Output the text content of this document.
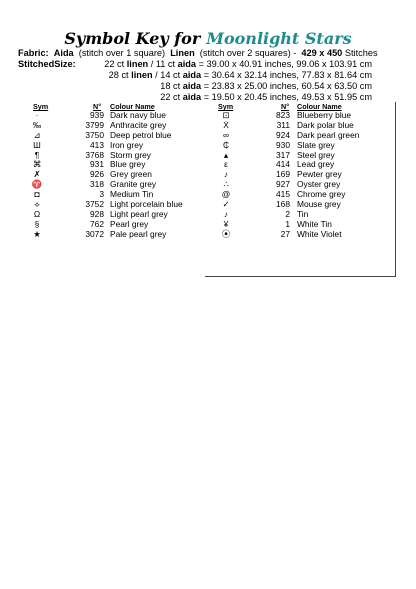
Symbol Key for Moonlight Stars
Fabric: Aida (stitch over 1 square) Linen (stitch over 2 squares) - 429 x 450 Stitches
StitchedSize:	22 ct linen / 11 ct aida = 39.00 x 40.91 inches, 99.06 x 103.91 cm
28 ct linen / 14 ct aida = 30.64 x 32.14 inches, 77.83 x 81.64 cm
18 ct aida = 23.83 x 25.00 inches, 60.54 x 63.50 cm
22 ct aida = 19.50 x 20.45 inches, 49.53 x 51.95 cm
Sym	N° Colour Name
·	939 Dark navy blue
‰	3799 Anthracite grey
⊿	3750 Deep petrol blue
Ш	413 Iron grey
¶	3768 Storm grey
⌘	931 Blue grey
✗	926 Grey green
♈	318 Granite grey
◘	3 Medium Tin
⟡	3752 Light porcelain blue
Ω	928 Light pearl grey
§	762 Pearl grey
★	3072 Pale pearl grey
Sym	N° Colour Name
⊡	823 Blueberry blue
Ẋ	311 Dark polar blue
∞	924 Dark pearl green
₵	930 Slate grey
▴	317 Steel grey
ε	414 Lead grey
♪	169 Pewter grey
∴	927 Oyster grey
@	415 Chrome grey
✓	168 Mouse grey
♪	2 Tin
¥	1 White Tin
⦿	27 White Violet
